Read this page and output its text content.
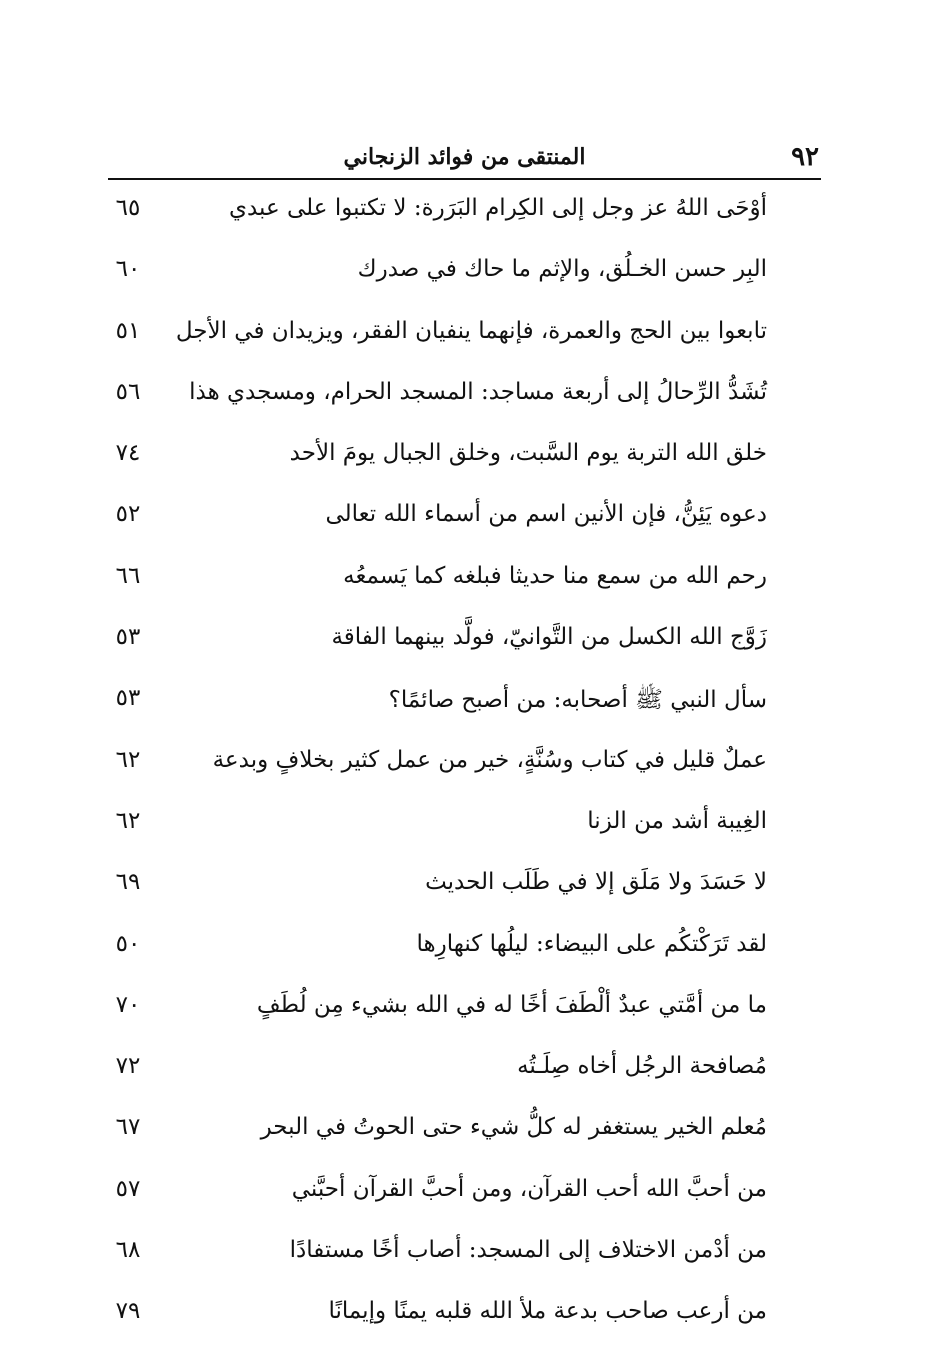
٩٢
المنتقى من فوائد الزنجاني
أوْحَى اللهُ عز وجل إلى الكِرام البَرَرة: لا تكتبوا على عبدي
٦٥
البِر حسن الخـلُق، والإثم ما حاك في صدرك
٦٠
تابعوا بين الحج والعمرة، فإنهما ينفيان الفقر، ويزيدان في الأجل
٥١
تُشَدُّ الرِّحالُ إلى أربعة مساجد: المسجد الحرام، ومسجدي هذا
٥٦
خلق الله التربة يوم السَّبت، وخلق الجبال يومَ الأحد
٧٤
دعوه يَئِنُّ، فإن الأنين اسم من أسماء الله تعالى
٥٢
رحم الله من سمع منا حديثا فبلغه كما يَسمعُه
٦٦
زَوَّج الله الكسل من التَّوانيّ، فولَّد بينهما الفاقة
٥٣
سأل النبي ﷺ أصحابه: من أصبح صائمًا؟
٥٣
عملٌ قليل في كتاب وسُنَّةٍ، خير من عمل كثير بخلافٍ وبدعة
٦٢
الغِيبة أشد من الزنا
٦٢
لا حَسَدَ ولا مَلَق إلا في طَلَب الحديث
٦٩
لقد تَرَكْتكُم على البيضاء: ليلُها كنهارِها
٥٠
ما من أمَّتي عبدٌ ألْطَفَ أخًا له في الله بشيء مِن لُطَفٍ
٧٠
مُصافحة الرجُل أخاه صِلَـتُه
٧٢
مُعلم الخير يستغفر له كلُّ شيء حتى الحوتُ في البحر
٦٧
من أحبَّ الله أحب القرآن، ومن أحبَّ القرآن أحبَّني
٥٧
من أدْمن الاختلاف إلى المسجد: أصاب أخًا مستفادًا
٦٨
من أرعب صاحب بدعة ملأ الله قلبه يمنًا وإيمانًا
٧٩
